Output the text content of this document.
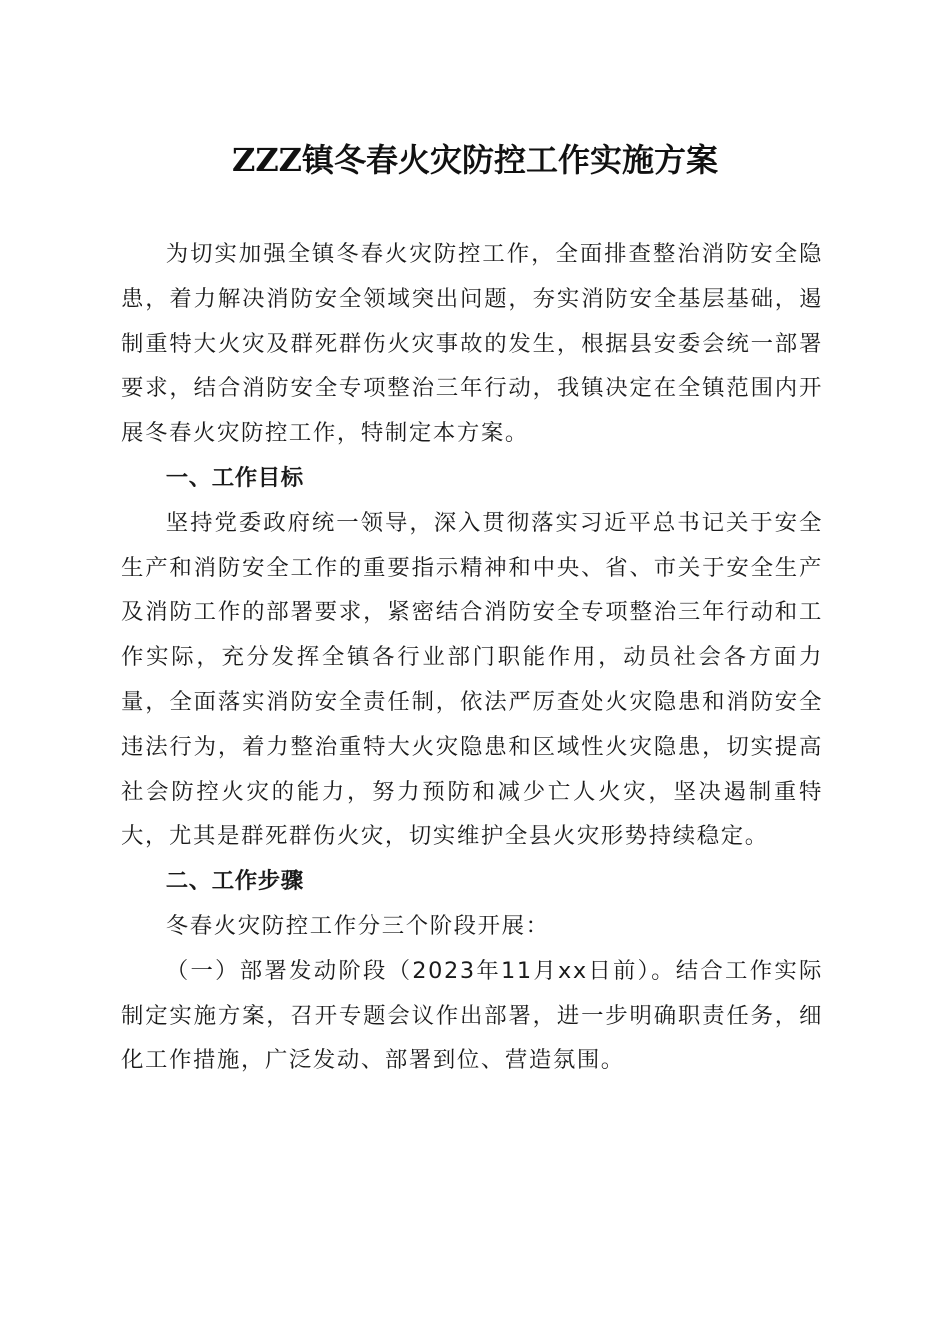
ZZZ镇冬春火灾防控工作实施方案

为切实加强全镇冬春火灾防控工作，全面排查整治消防安全隐患，着力解决消防安全领域突出问题，夯实消防安全基层基础，遏制重特大火灾及群死群伤火灾事故的发生，根据县安委会统一部署要求，结合消防安全专项整治三年行动，我镇决定在全镇范围内开展冬春火灾防控工作，特制定本方案。

一、工作目标

坚持党委政府统一领导，深入贯彻落实习近平总书记关于安全生产和消防安全工作的重要指示精神和中央、省、市关于安全生产及消防工作的部署要求，紧密结合消防安全专项整治三年行动和工作实际，充分发挥全镇各行业部门职能作用，动员社会各方面力量，全面落实消防安全责任制，依法严厉查处火灾隐患和消防安全违法行为，着力整治重特大火灾隐患和区域性火灾隐患，切实提高社会防控火灾的能力，努力预防和减少亡人火灾，坚决遏制重特大，尤其是群死群伤火灾，切实维护全县火灾形势持续稳定。

二、工作步骤

冬春火灾防控工作分三个阶段开展：

（一）部署发动阶段（2023年11月xx日前）。结合工作实际制定实施方案，召开专题会议作出部署，进一步明确职责任务，细化工作措施，广泛发动、部署到位、营造氛围。
